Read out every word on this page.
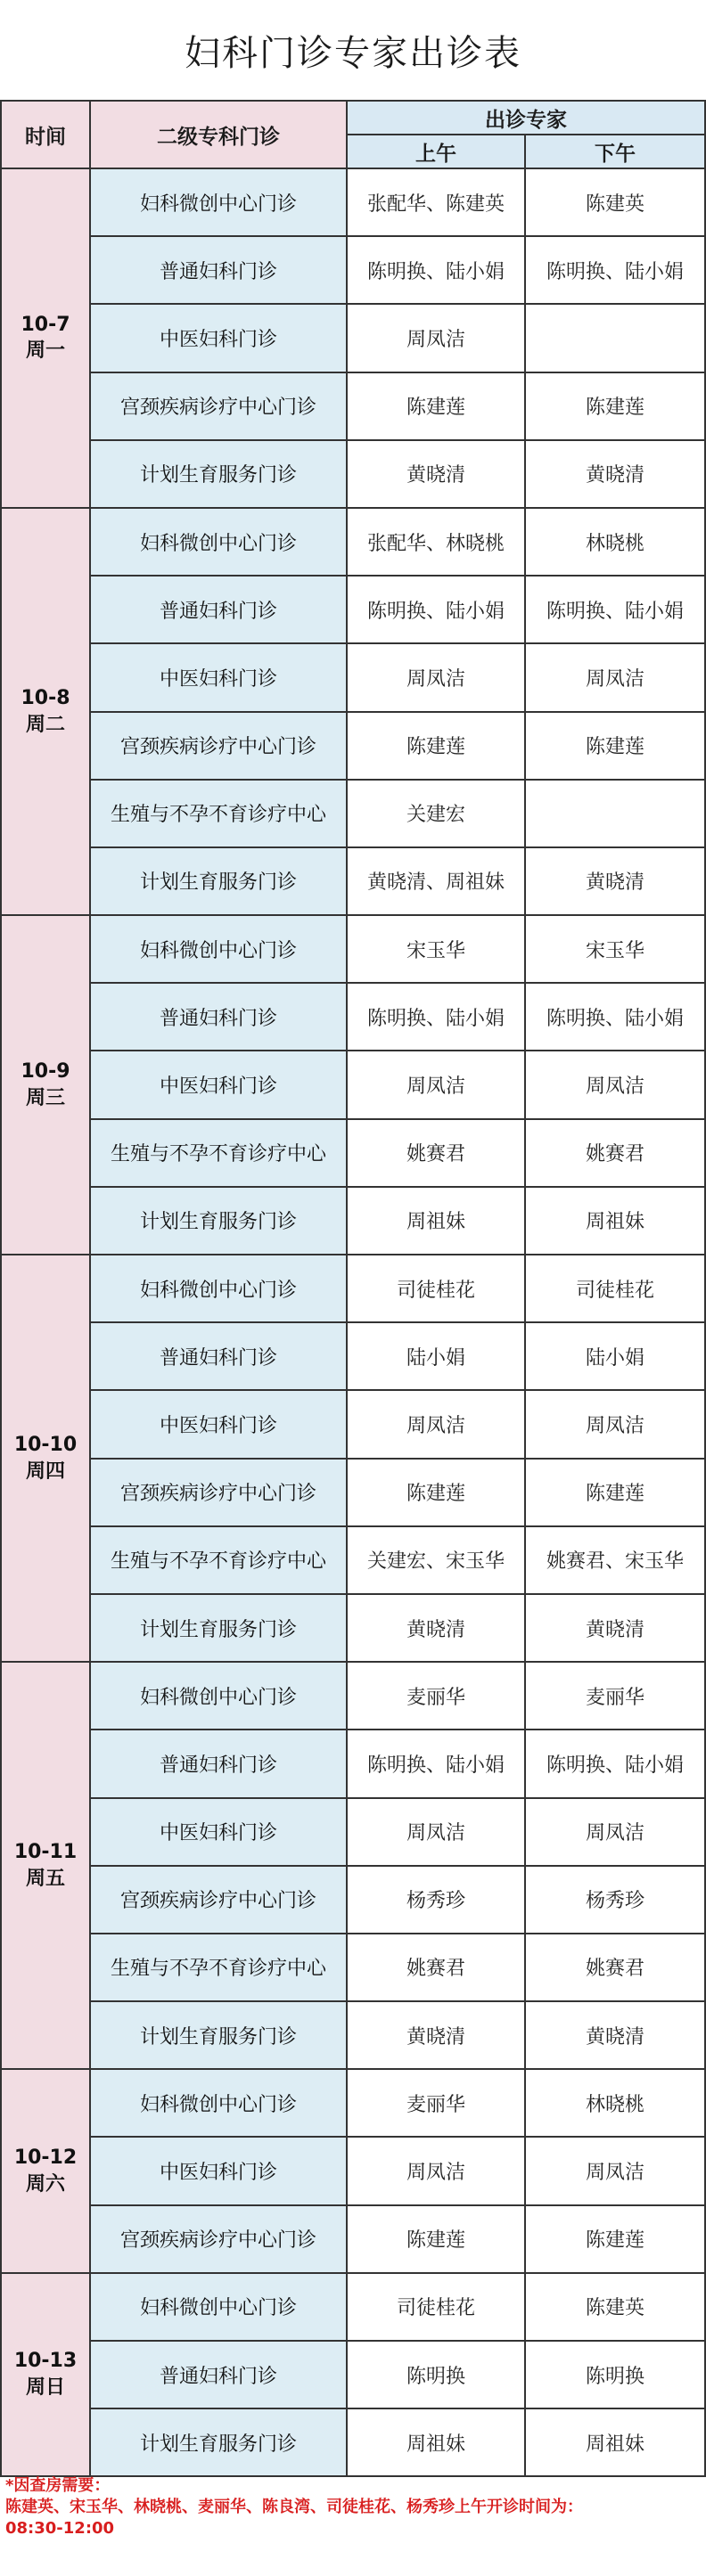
妇科门诊专家出诊表
时间	二级专科门诊	出诊专家	
		上午	下午

10-7
周一	妇科微创中心门诊	张配华、陈建英	陈建英
	普通妇科门诊	陈明换、陆小娟	陈明换、陆小娟
	中医妇科门诊	周凤洁	
	宫颈疾病诊疗中心门诊	陈建莲	陈建莲
	计划生育服务门诊	黄晓清	黄晓清

10-8
周二	妇科微创中心门诊	张配华、林晓桃	林晓桃
	普通妇科门诊	陈明换、陆小娟	陈明换、陆小娟
	中医妇科门诊	周凤洁	周凤洁
	宫颈疾病诊疗中心门诊	陈建莲	陈建莲
	生殖与不孕不育诊疗中心	关建宏	
	计划生育服务门诊	黄晓清、周祖妹	黄晓清

10-9
周三	妇科微创中心门诊	宋玉华	宋玉华
	普通妇科门诊	陈明换、陆小娟	陈明换、陆小娟
	中医妇科门诊	周凤洁	周凤洁
	生殖与不孕不育诊疗中心	姚赛君	姚赛君
	计划生育服务门诊	周祖妹	周祖妹

10-10
周四	妇科微创中心门诊	司徒桂花	司徒桂花
	普通妇科门诊	陆小娟	陆小娟
	中医妇科门诊	周凤洁	周凤洁
	宫颈疾病诊疗中心门诊	陈建莲	陈建莲
	生殖与不孕不育诊疗中心	关建宏、宋玉华	姚赛君、宋玉华
	计划生育服务门诊	黄晓清	黄晓清

10-11
周五	妇科微创中心门诊	麦丽华	麦丽华
	普通妇科门诊	陈明换、陆小娟	陈明换、陆小娟
	中医妇科门诊	周凤洁	周凤洁
	宫颈疾病诊疗中心门诊	杨秀珍	杨秀珍
	生殖与不孕不育诊疗中心	姚赛君	姚赛君
	计划生育服务门诊	黄晓清	黄晓清

10-12
周六	妇科微创中心门诊	麦丽华	林晓桃
	中医妇科门诊	周凤洁	周凤洁
	宫颈疾病诊疗中心门诊	陈建莲	陈建莲

10-13
周日	妇科微创中心门诊	司徒桂花	陈建英
	普通妇科门诊	陈明换	陈明换
	计划生育服务门诊	周祖妹	周祖妹
*因查房需要：
陈建英、宋玉华、林晓桃、麦丽华、陈良湾、司徒桂花、杨秀珍上午开诊时间为：
08:30-12:00
